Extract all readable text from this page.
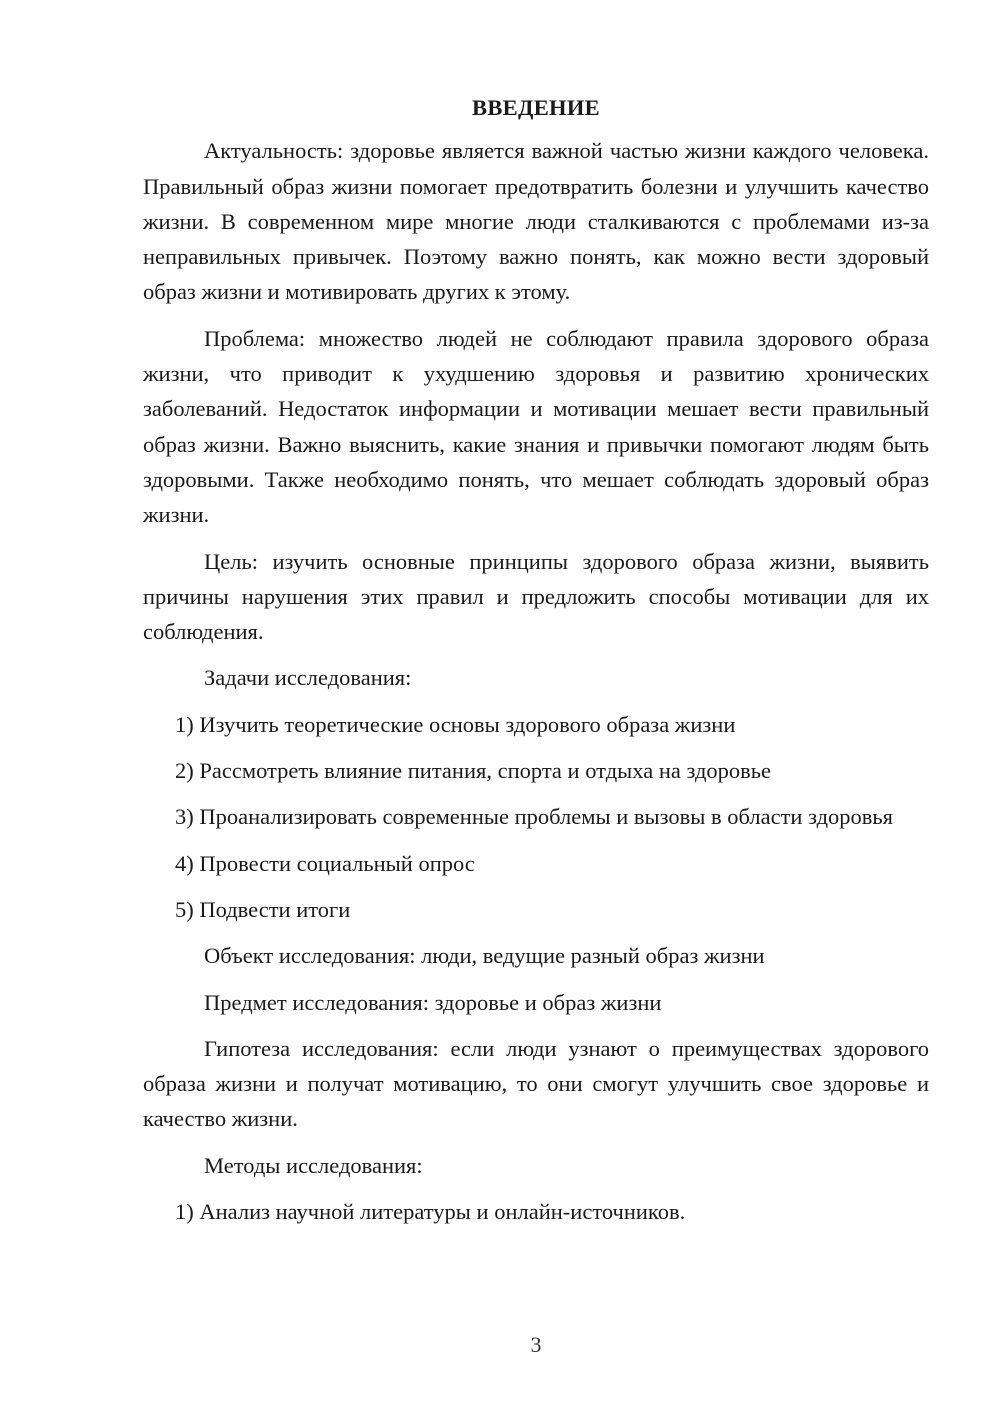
ВВЕДЕНИЕ

Актуальность: здоровье является важной частью жизни каждого человека. Правильный образ жизни помогает предотвратить болезни и улучшить качество жизни. В современном мире многие люди сталкиваются с проблемами из-за неправильных привычек. Поэтому важно понять, как можно вести здоровый образ жизни и мотивировать других к этому.

Проблема: множество людей не соблюдают правила здорового образа жизни, что приводит к ухудшению здоровья и развитию хронических заболеваний. Недостаток информации и мотивации мешает вести правильный образ жизни. Важно выяснить, какие знания и привычки помогают людям быть здоровыми. Также необходимо понять, что мешает соблюдать здоровый образ жизни.

Цель: изучить основные принципы здорового образа жизни, выявить причины нарушения этих правил и предложить способы мотивации для их соблюдения.

Задачи исследования:

1) Изучить теоретические основы здорового образа жизни

2) Рассмотреть влияние питания, спорта и отдыха на здоровье

3) Проанализировать современные проблемы и вызовы в области здоровья

4) Провести социальный опрос

5) Подвести итоги

Объект исследования: люди, ведущие разный образ жизни

Предмет исследования: здоровье и образ жизни

Гипотеза исследования: если люди узнают о преимуществах здорового образа жизни и получат мотивацию, то они смогут улучшить свое здоровье и качество жизни.

Методы исследования:

1) Анализ научной литературы и онлайн-источников.

3
